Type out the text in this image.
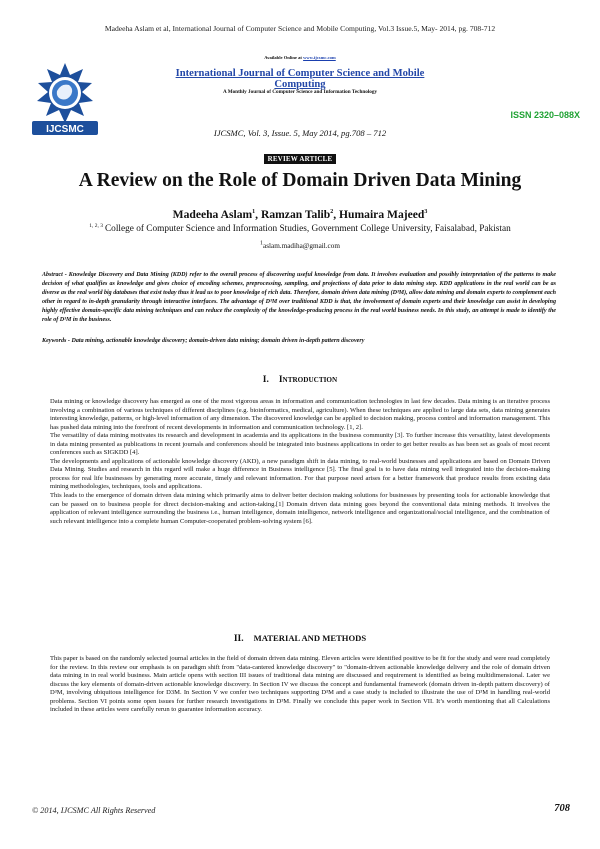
Madeeha Aslam et al, International Journal of Computer Science and Mobile Computing, Vol.3 Issue.5, May- 2014, pg. 708-712
Available Online at www.ijcsmc.com
IJCSMC
International Journal of Computer Science and Mobile Computing
A Monthly Journal of Computer Science and Information Technology
ISSN 2320–088X
IJCSMC, Vol. 3, Issue. 5, May 2014, pg.708 – 712
REVIEW ARTICLE
A Review on the Role of Domain Driven Data Mining
Madeeha Aslam$^1$, Ramzan Talib$^2$, Humaira Majeed$^3$
$^{1, 2, 3}$ College of Computer Science and Information Studies, Government College University, Faisalabad, Pakistan
$^1$aslam.madiha@gmail.com

Abstract - Knowledge Discovery and Data Mining (KDD) refer to the overall process of discovering useful knowledge from data. It involves evaluation and possibly interpretation of the patterns to make decision of what qualifies as knowledge and gives choice of encoding schemes, preprocessing, sampling, and projections of data prior to data mining step. KDD applications in the real world can be as diverse as the real world big databases that exist today thus it lead us to poor knowledge of rich data. Therefore, domain driven data mining (D³M), allow data mining and domain experts to complement each other in regard to in-depth granularity through interactive interfaces. The advantage of D³M over traditional KDD is that, the involvement of domain experts and their knowledge can assist in developing highly effective domain-specific data mining techniques and can reduce the complexity of the knowledge-producing process in the real world business needs. In this study, an attempt is made to identify the role of D³M in the business.

Keywords - Data mining, actionable knowledge discovery; domain-driven data mining; domain driven in-depth pattern discovery

I. INTRODUCTION

Data mining or knowledge discovery has emerged as one of the most vigorous areas in information and communication technologies in last few decades. Data mining is an iterative process involving a combination of various techniques of different disciplines (e.g. bioinformatics, medical, agriculture). When these techniques are applied to large data sets, data mining generates interesting knowledge, patterns, or high-level information of any dimension. The discovered knowledge can be applied to decision making, process control and information management. This has pushed data mining into the forefront of recent developments in information and communication technology. [1, 2].

The versatility of data mining motivates its research and development in academia and its applications in the business community [3]. To further increase this versatility, latest developments in data mining presented as publications in recent journals and conferences should be integrated into business applications in order to get better results as has been set as goals of most recent conferences such as SIGKDD [4].

The developments and applications of actionable knowledge discovery (AKD), a new paradigm shift in data mining, to real-world businesses and applications are based on Domain Driven Data Mining. Studies and research in this regard will make a huge difference in Business intelligence [5]. The final goal is to have data mining well integrated into the decision-making process for real life businesses by generating more accurate, timely and relevant information. For that purpose need arises for a better framework that produce results from existing data mining methodologies, techniques, tools and applications.

This leads to the emergence of domain driven data mining which primarily aims to deliver better decision making solutions for businesses by presenting tools for actionable knowledge that can be passed on to business people for direct decision-making and action-taking.[1] Domain driven data mining goes beyond the conventional data mining methods. It involves the application of relevant intelligence surrounding the business i.e., human intelligence, domain intelligence, network intelligence and organizational/social intelligence, and the combination of such relevant intelligence into a complete human Computer-cooperated problem-solving system [6].

II. MATERIAL AND METHODS

This paper is based on the randomly selected journal articles in the field of domain driven data mining. Eleven articles were identified positive to be fit for the study and were read completely for the review. In this review our emphasis is on paradigm shift from "data-cantered knowledge discovery" to "domain-driven actionable knowledge delivery and the role of domain driven data mining in in real world business. Main article opens with section III issues of traditional data mining are discussed and requirement is identified as being multidimensional. Later we discuss the key elements of domain-driven actionable knowledge discovery. In Section IV we discuss the concept and fundamental framework (domain driven in-depth pattern discovery) of D³M, involving ubiquitous intelligence for D3M. In Section V we confer two techniques supporting D³M and a case study is included to illustrate the use of D³M in handling real-world problems. Section VI points some open issues for further research investigations in D³M. Finally we conclude this paper work in Section VII. It’s worth mentioning that all Calculations included in these articles were carefully rerun to guarantee information accuracy.

© 2014, IJCSMC All Rights Reserved	708
